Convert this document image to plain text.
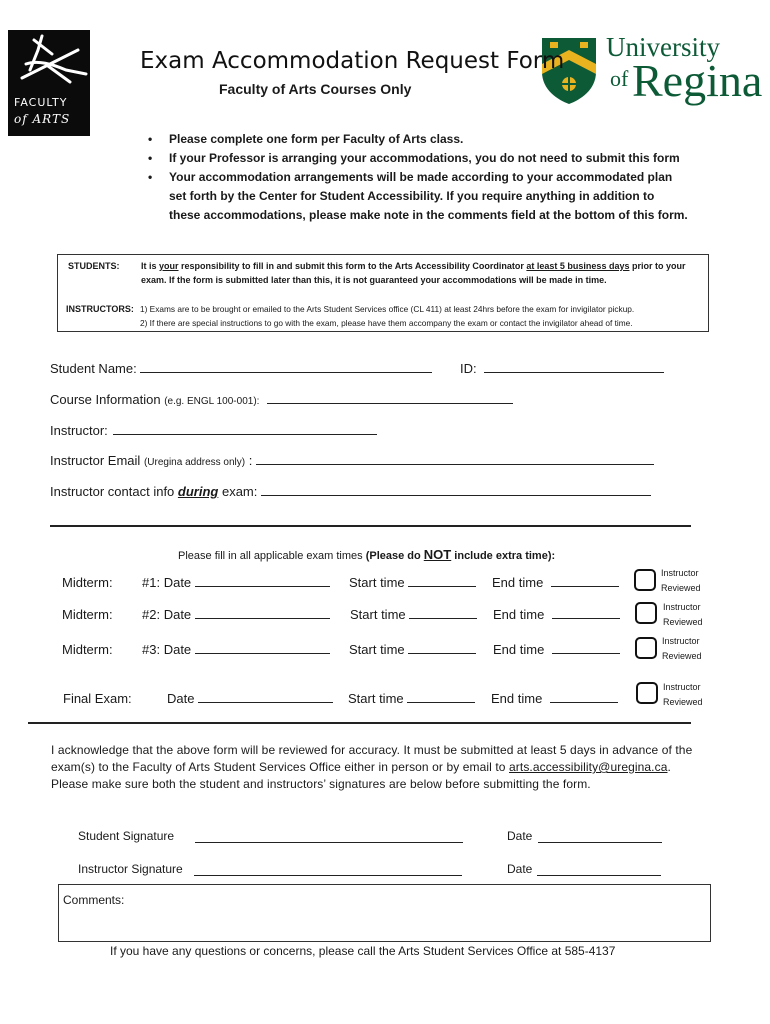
FACULTY
of ARTS
University
of Regina
Exam Accommodation Request Form
Faculty of Arts Courses Only
• Please complete one form per Faculty of Arts class.
• If your Professor is arranging your accommodations, you do not need to submit this form
• Your accommodation arrangements will be made according to your accommodated plan set forth by the Center for Student Accessibility. If you require anything in addition to these accommodations, please make note in the comments field at the bottom of this form.
STUDENTS: It is your responsibility to fill in and submit this form to the Arts Accessibility Coordinator at least 5 business days prior to your exam. If the form is submitted later than this, it is not guaranteed your accommodations will be made in time.
INSTRUCTORS: 1) Exams are to be brought or emailed to the Arts Student Services office (CL 411) at least 24hrs before the exam for invigilator pickup.
2) If there are special instructions to go with the exam, please have them accompany the exam or contact the invigilator ahead of time.
Student Name:	ID:
Course Information (e.g. ENGL 100-001):
Instructor:
Instructor Email (Uregina address only) :
Instructor contact info during exam:
Please fill in all applicable exam times (Please do NOT include extra time):
Midterm: #1: Date	Start time	End time
Instructor
Reviewed
Midterm: #2: Date	Start time	End time	Instructor
Reviewed
Midterm: #3: Date	Start time	End time
Instructor
Reviewed
Final Exam:	Date	Start time	End time
Instructor
Reviewed
I acknowledge that the above form will be reviewed for accuracy. It must be submitted at least 5 days in advance of the exam(s) to the Faculty of Arts Student Services Office either in person or by email to arts.accessibility@uregina.ca. Please make sure both the student and instructors’ signatures are below before submitting the form.
Student Signature	Date
Instructor Signature	Date
Comments:
If you have any questions or concerns, please call the Arts Student Services Office at 585-4137
